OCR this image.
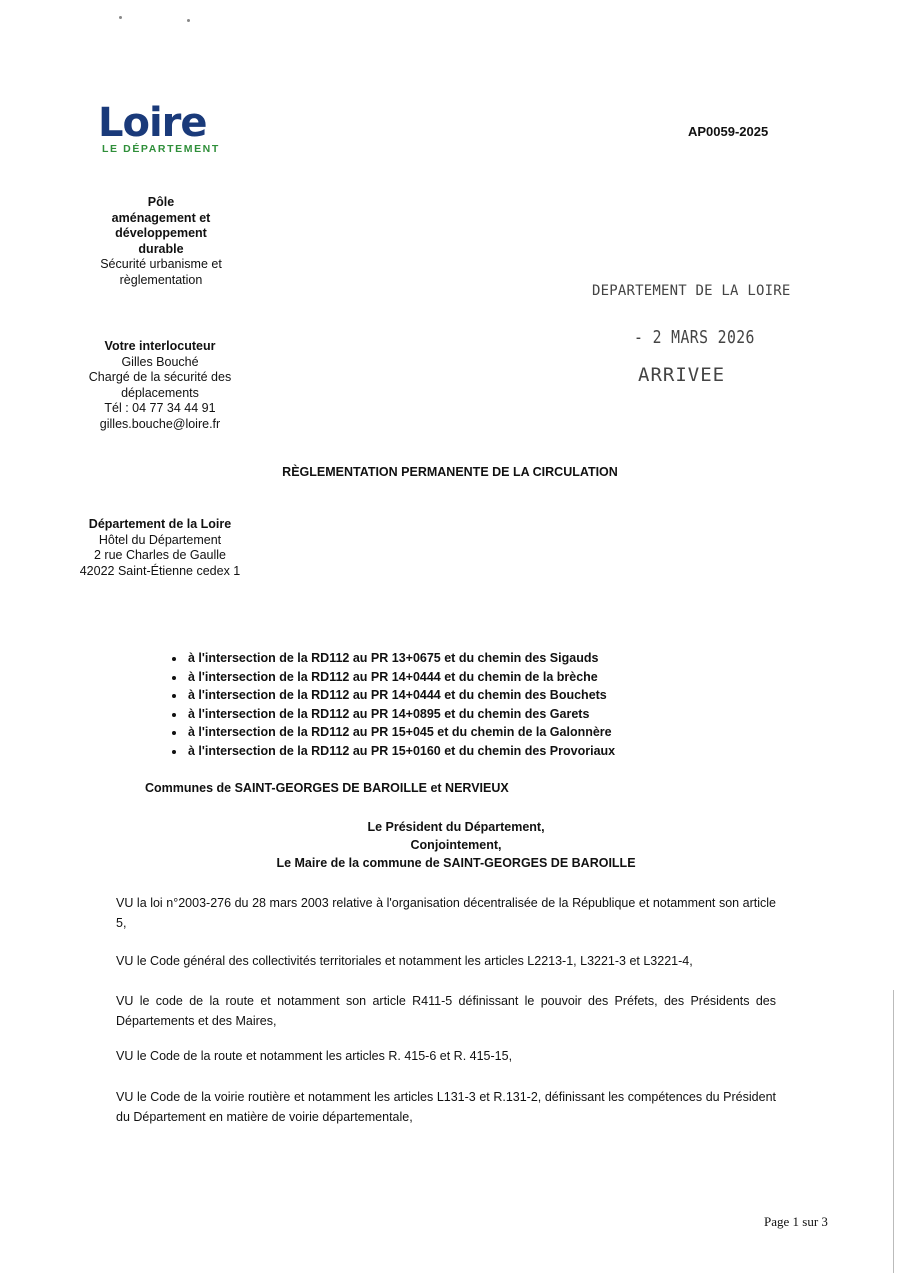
Loire
LE DÉPARTEMENT
AP0059-2025
Pôle
aménagement et
développement
durable
Sécurité urbanisme et
règlementation
DEPARTEMENT DE LA LOIRE
- 2 MARS 2026
ARRIVEE
Votre interlocuteur
Gilles Bouché
Chargé de la sécurité des
déplacements
Tél : 04 77 34 44 91
gilles.bouche@loire.fr
RÈGLEMENTATION PERMANENTE DE LA CIRCULATION
Département de la Loire
Hôtel du Département
2 rue Charles de Gaulle
42022 Saint-Étienne cedex 1
• à l'intersection de la RD112 au PR 13+0675 et du chemin des Sigauds
• à l'intersection de la RD112 au PR 14+0444 et du chemin de la brèche
• à l'intersection de la RD112 au PR 14+0444 et du chemin des Bouchets
• à l'intersection de la RD112 au PR 14+0895 et du chemin des Garets
• à l'intersection de la RD112 au PR 15+045 et du chemin de la Galonnère
• à l'intersection de la RD112 au PR 15+0160 et du chemin des Provoriaux
Communes de SAINT-GEORGES DE BAROILLE et NERVIEUX
Le Président du Département,
Conjointement,
Le Maire de la commune de SAINT-GEORGES DE BAROILLE
VU la loi n°2003-276 du 28 mars 2003 relative à l'organisation décentralisée de la République et notamment son article 5,
VU le Code général des collectivités territoriales et notamment les articles L2213-1, L3221-3 et L3221-4,
VU le code de la route et notamment son article R411-5 définissant le pouvoir des Préfets, des Présidents des Départements et des Maires,
VU le Code de la route et notamment les articles R. 415-6 et R. 415-15,
VU le Code de la voirie routière et notamment les articles L131-3 et R.131-2, définissant les compétences du Président du Département en matière de voirie départementale,
Page 1 sur 3
